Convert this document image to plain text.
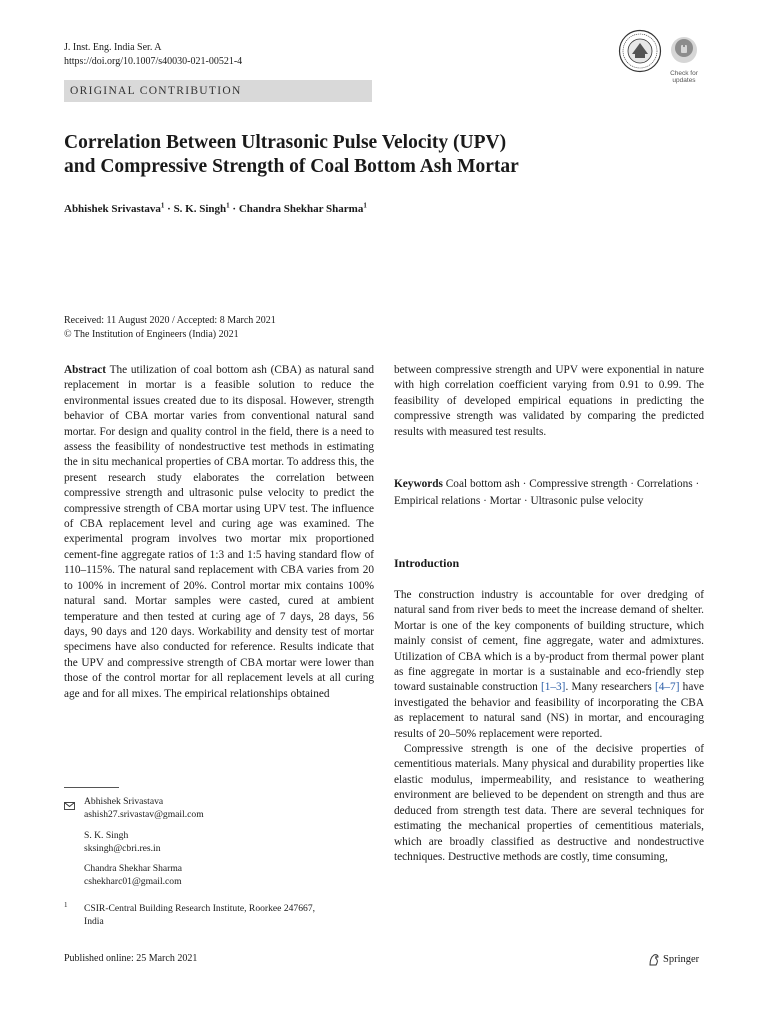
J. Inst. Eng. India Ser. A
https://doi.org/10.1007/s40030-021-00521-4
Check for
updates
ORIGINAL CONTRIBUTION
Correlation Between Ultrasonic Pulse Velocity (UPV)
and Compressive Strength of Coal Bottom Ash Mortar
Abhishek Srivastava$^1$ · S. K. Singh$^1$ · Chandra Shekhar Sharma$^1$
Received: 11 August 2020 / Accepted: 8 March 2021
© The Institution of Engineers (India) 2021

Abstract The utilization of coal bottom ash (CBA) as natural sand replacement in mortar is a feasible solution to reduce the environmental issues created due to its disposal. However, strength behavior of CBA mortar varies from conventional natural sand mortar. For design and quality control in the field, there is a need to assess the feasibility of nondestructive test methods in estimating the in situ mechanical properties of CBA mortar. To address this, the present research study elaborates the correlation between compressive strength and ultrasonic pulse velocity to predict the compressive strength of CBA mortar using UPV test. The influence of CBA replacement level and curing age was examined. The experimental program involves two mortar mix proportioned cement-fine aggregate ratios of 1:3 and 1:5 having standard flow of 110–115%. The natural sand replacement with CBA varies from 20 to 100% in increment of 20%. Control mortar mix contains 100% natural sand. Mortar samples were casted, cured at ambient temperature and then tested at curing age of 7 days, 28 days, 56 days, 90 days and 120 days. Workability and density test of mortar specimens have also conducted for reference. Results indicate that the UPV and compressive strength of CBA mortar were lower than those of the control mortar for all replacement levels at all curing age and for all mixes. The empirical relationships obtained

between compressive strength and UPV were exponential in nature with high correlation coefficient varying from 0.91 to 0.99. The feasibility of developed empirical equations in predicting the compressive strength was validated by comparing the predicted results with measured test results.

Keywords Coal bottom ash · Compressive strength · Correlations · Empirical relations · Mortar · Ultrasonic pulse velocity
Introduction

The construction industry is accountable for over dredging of natural sand from river beds to meet the increase demand of shelter. Mortar is one of the key components of building structure, which mainly consist of cement, fine aggregate, water and admixtures. Utilization of CBA which is a by-product from thermal power plant as fine aggregate in mortar is a sustainable and eco-friendly step toward sustainable construction [1–3]. Many researchers [4–7] have investigated the behavior and feasibility of incorporating the CBA as replacement to natural sand (NS) in mortar, and encouraging results of 20–50% replacement were reported.

Compressive strength is one of the decisive properties of cementitious materials. Many physical and durability properties like elastic modulus, impermeability, and resistance to weathering environment are believed to be dependent on strength and thus are deduced from strength test data. There are several techniques for estimating the mechanical properties of cementitious materials, which are broadly classified as destructive and nondestructive techniques. Destructive methods are costly, time consuming,

Abhishek Srivastava
ashish27.srivastav@gmail.com
S. K. Singh
sksingh@cbri.res.in
Chandra Shekhar Sharma
cshekharc01@gmail.com
1 CSIR-Central Building Research Institute, Roorkee 247667,
India
Published online: 25 March 2021	Springer
